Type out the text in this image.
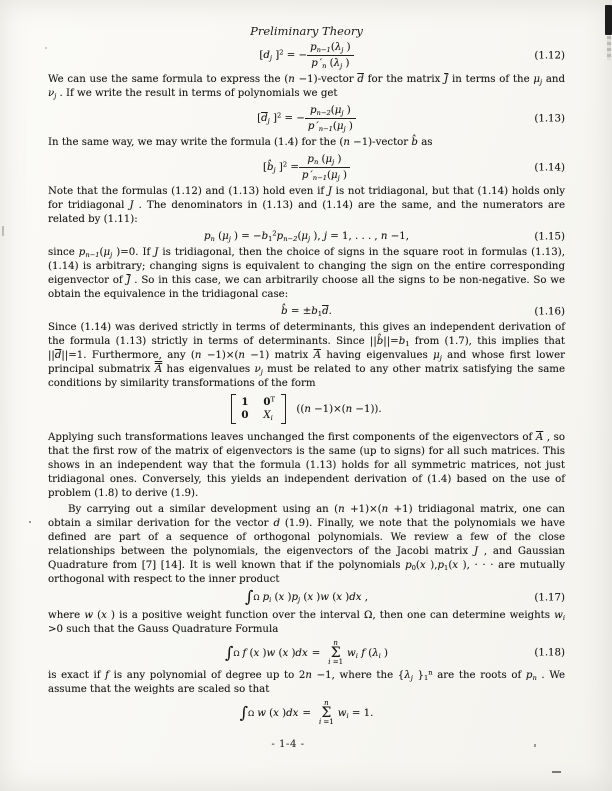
Preliminary Theory
[$d_j$ ]$^2$ = − $\frac{p_{n-1}(\lambda_j )}{p '_n (\lambda_j )}$	(1.12)

We can use the same formula to express the (n −1)-vector $\overline{d}$ for the matrix $\overline{J}$ in terms of the $\mu_j$ and $\nu_j$ . If we write the result in terms of polynomials we get

[$\overline{d}_j$ ]$^2$ = − $\frac{p_{n-2}(\mu_j )}{p '_{n-1}(\mu_j )}$	(1.13)

In the same way, we may write the formula (1.4) for the (n −1)-vector b̂ as

[$b̂_j$ ]$^2 = \frac{p_n (\mu_j )}{p '_{n-1}(\mu_j )}$	(1.14)

Note that the formulas (1.12) and (1.13) hold even if J is not tridiagonal, but that (1.14) holds only for tridiagonal J . The denominators in (1.13) and (1.14) are the same, and the numerators are related by (1.11):

$p_n$ ($\mu_j$ ) = $-b_1^2p_{n-2}(\mu_j$ ), j = 1, . . . , n −1,	(1.15)

since $p_{n-1}(\mu_j$ )=0. If J is tridiagonal, then the choice of signs in the square root in formulas (1.13), (1.14) is arbitrary; changing signs is equivalent to changing the sign on the entire corresponding eigenvector of $\overline{J}$ . So in this case, we can arbitrarily choose all the signs to be non-negative. So we obtain the equivalence in the tridiagonal case:

b̂ = $\pm b_1\overline{d}$.	(1.16)

Since (1.14) was derived strictly in terms of determinants, this gives an independent derivation of the formula (1.13) strictly in terms of determinants. Since $||b̂||=b_1$ from (1.7), this implies that $||\overline{d}||=1$. Furthermore, any (n −1)×(n −1) matrix $\overline{A}$ having eigenvalues $\mu_j$ and whose first lower principal submatrix A has eigenvalues $\nu_j$ must be related to any other matrix satisfying the same conditions by similarity transformations of the form

1	$0^T$
0	$X_i$
((n −1)×(n −1)).

Applying such transformations leaves unchanged the first components of the eigenvectors of $\overline{A}$ , so that the first row of the matrix of eigenvectors is the same (up to signs) for all such matrices. This shows in an independent way that the formula (1.13) holds for all symmetric matrices, not just tridiagonal ones. Conversely, this yields an independent derivation of (1.4) based on the use of problem (1.8) to derive (1.9).

By carrying out a similar development using an (n +1)×(n +1) tridiagonal matrix, one can obtain a similar derivation for the vector d (1.9). Finally, we note that the polynomials we have defined are part of a sequence of orthogonal polynomials. We review a few of the close relationships between the polynomials, the eigenvectors of the Jacobi matrix J , and Gaussian Quadrature from [7] [14]. It is well known that if the polynomials $p_0(x$ )$,p_1(x$ ), · · · are mutually orthogonal with respect to the inner product

∫ Ω $p_i$ (x )$p_j$ (x )w (x )dx ,	(1.17)

where w (x ) is a positive weight function over the interval Ω, then one can determine weights $w_i >0$ such that the Gauss Quadrature Formula

∫ Ω f (x )w (x )dx =
n
Σ
i =1
$w_i$ f ($\lambda_i$ )	(1.18)

is exact if f is any polynomial of degree up to 2n −1, where the {$\lambda_j$ }$_1^n$ are the roots of $p_n$ . We assume that the weights are scaled so that

∫ Ω w (x )dx =
n
Σ
i =1
$w_i = 1$.
- 1-4 -
